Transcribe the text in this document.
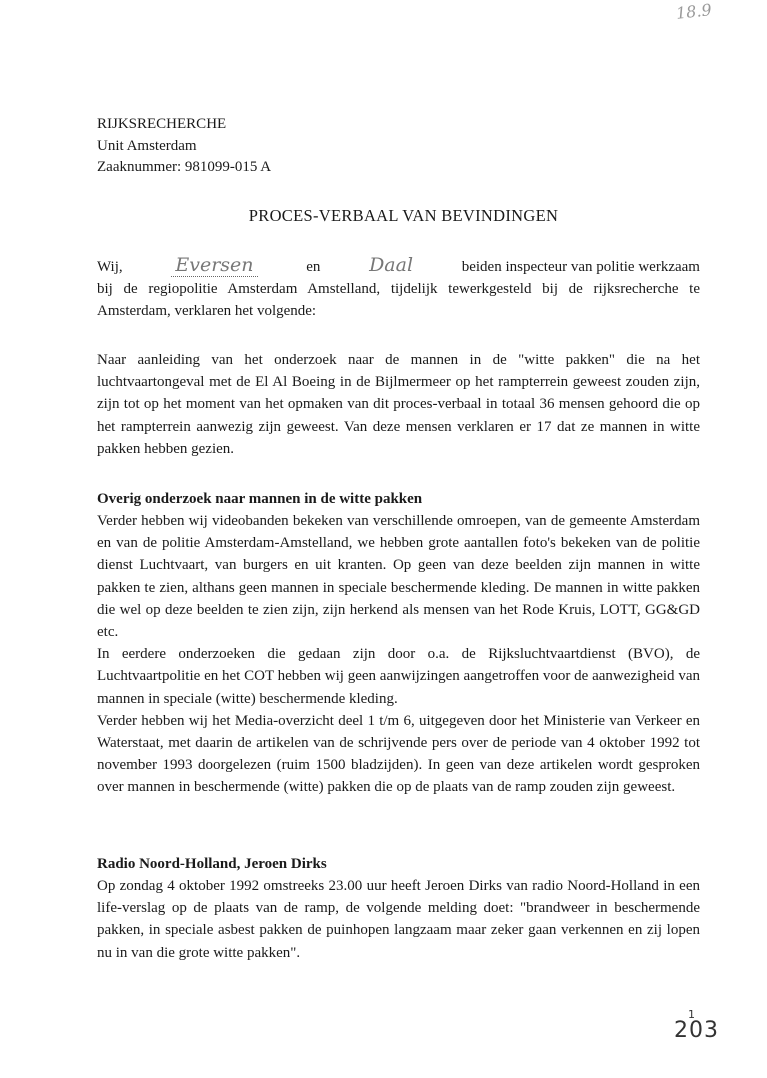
18.9
RIJKSRECHERCHE
Unit Amsterdam
Zaaknummer: 981099-015 A
PROCES-VERBAAL VAN BEVINDINGEN
Wij,	Eversen	en	Daal	beiden inspecteur van politie werkzaam
bij de regiopolitie Amsterdam Amstelland, tijdelijk tewerkgesteld bij de rijksrecherche te Amsterdam, verklaren het volgende:
Naar aanleiding van het onderzoek naar de mannen in de "witte pakken" die na het luchtvaartongeval met de El Al Boeing in de Bijlmermeer op het rampterrein geweest zouden zijn, zijn tot op het moment van het opmaken van dit proces-verbaal in totaal 36 mensen gehoord die op het rampterrein aanwezig zijn geweest. Van deze mensen verklaren er 17 dat ze mannen in witte pakken hebben gezien.
Overig onderzoek naar mannen in de witte pakken

Verder hebben wij videobanden bekeken van verschillende omroepen, van de gemeente Amsterdam en van de politie Amsterdam-Amstelland, we hebben grote aantallen foto's bekeken van de politie dienst Luchtvaart, van burgers en uit kranten. Op geen van deze beelden zijn mannen in witte pakken te zien, althans geen mannen in speciale beschermende kleding. De mannen in witte pakken die wel op deze beelden te zien zijn, zijn herkend als mensen van het Rode Kruis, LOTT, GG&GD etc.

In eerdere onderzoeken die gedaan zijn door o.a. de Rijksluchtvaartdienst (BVO), de Luchtvaartpolitie en het COT hebben wij geen aanwijzingen aangetroffen voor de aanwezigheid van mannen in speciale (witte) beschermende kleding.

Verder hebben wij het Media-overzicht deel 1 t/m 6, uitgegeven door het Ministerie van Verkeer en Waterstaat, met daarin de artikelen van de schrijvende pers over de periode van 4 oktober 1992 tot november 1993 doorgelezen (ruim 1500 bladzijden). In geen van deze artikelen wordt gesproken over mannen in beschermende (witte) pakken die op de plaats van de ramp zouden zijn geweest.

Radio Noord-Holland, Jeroen Dirks

Op zondag 4 oktober 1992 omstreeks 23.00 uur heeft Jeroen Dirks van radio Noord-Holland in een life-verslag op de plaats van de ramp, de volgende melding doet: "brandweer in beschermende pakken, in speciale asbest pakken de puinhopen langzaam maar zeker gaan verkennen en zij lopen nu in van die grote witte pakken".

1
203
